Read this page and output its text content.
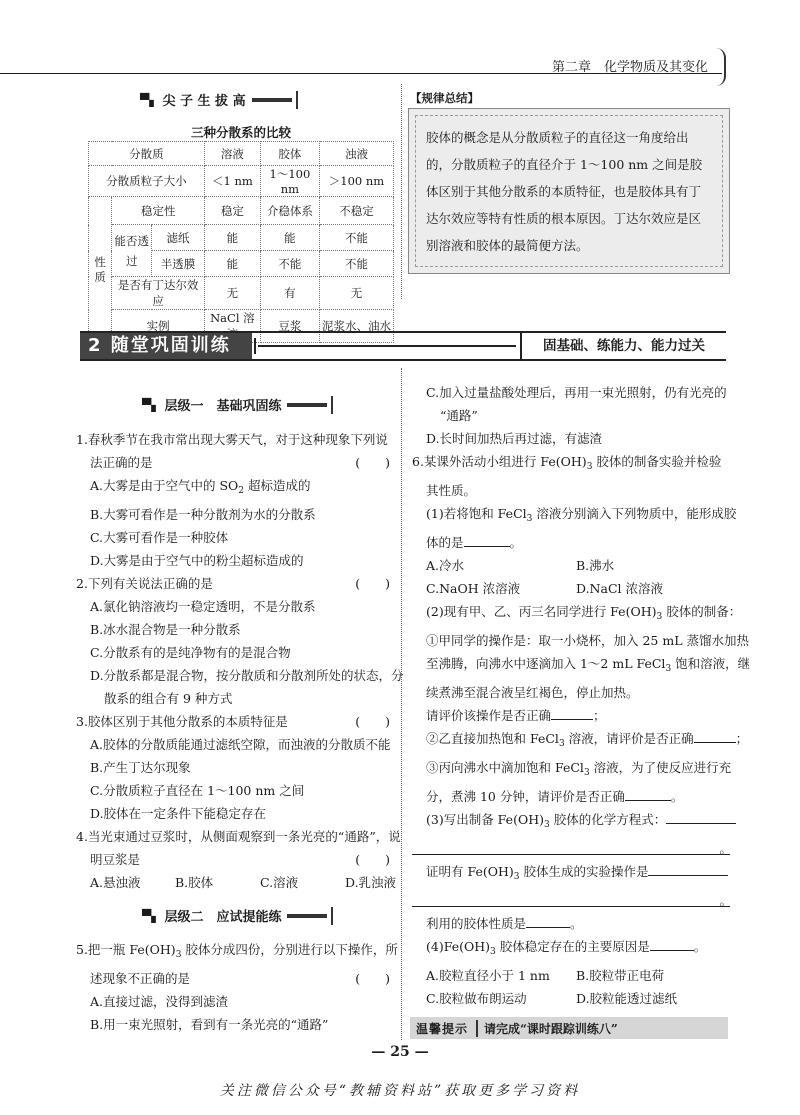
第二章　化学物质及其变化
▀▖ 尖 子 生 拔 高
三种分散系的比较
分散质			溶液	胶体	浊液
分散质粒子大小			＜1 nm	1～100 nm	＞100 nm
性质	稳定性		稳定	介稳体系	不稳定
	能否透过	滤纸	能	能	不能
		半透膜	能	不能	不能
	是否有丁达尔效应		无	有	无
	实例		NaCl 溶	豆浆	泥浆水、油水
【规律总结】
胶体的概念是从分散质粒子的直径这一角度给出的，分散质粒子的直径介于 1～100 nm 之间是胶体区别于其他分散系的本质特征，也是胶体具有丁达尔效应等特有性质的根本原因。丁达尔效应是区别溶液和胶体的最简便方法。
2 随堂巩固训练	固基础、练能力、能力过关
▀▖ 层级一　基础巩固练
1.春秋季节在我市常出现大雾天气，对于这种现象下列说
法正确的是	(　　)
A.大雾是由于空气中的 $SO_2$ 超标造成的
B.大雾可看作是一种分散剂为水的分散系
C.大雾可看作是一种胶体
D.大雾是由于空气中的粉尘超标造成的
2.下列有关说法正确的是	(　　)
A.氯化钠溶液均一稳定透明，不是分散系
B.冰水混合物是一种分散系
C.分散系有的是纯净物有的是混合物
D.分散系都是混合物，按分散质和分散剂所处的状态，分
散系的组合有 9 种方式
3.胶体区别于其他分散系的本质特征是	(　　)
A.胶体的分散质能通过滤纸空隙，而浊液的分散质不能
B.产生丁达尔现象
C.分散质粒子直径在 1～100 nm 之间
D.胶体在一定条件下能稳定存在
4.当光束通过豆浆时，从侧面观察到一条光亮的“通路”，说
明豆浆是	(　　)
A.悬浊液	B.胶体	C.溶液	D.乳浊液
▀▖ 层级二　应试提能练
5.把一瓶 $Fe(OH)_3$ 胶体分成四份，分别进行以下操作，所
述现象不正确的是	(　　)
A.直接过滤，没得到滤渣
B.用一束光照射，看到有一条光亮的“通路”
C.加入过量盐酸处理后，再用一束光照射，仍有光亮的
“通路”
D.长时间加热后再过滤，有滤渣
6.某课外活动小组进行 $Fe(OH)_3$ 胶体的制备实验并检验
其性质。
(1)若将饱和 FeCl$_3$ 溶液分别滴入下列物质中，能形成胶
体的是	。
A.冷水	B.沸水
C.NaOH 浓溶液	D.NaCl 浓溶液
(2)现有甲、乙、丙三名同学进行 $Fe(OH)_3$ 胶体的制备：
①甲同学的操作是：取一小烧杯，加入 25 mL 蒸馏水加热
至沸腾，向沸水中逐滴加入 1～2 mL FeCl$_3$ 饱和溶液，继
续煮沸至混合液呈红褐色，停止加热。
请评价该操作是否正确	；
②乙直接加热饱和 FeCl$_3$ 溶液，请评价是否正确	；
③丙向沸水中滴加饱和 FeCl$_3$ 溶液，为了使反应进行充
分，煮沸 10 分钟，请评价是否正确	。
(3)写出制备 $Fe(OH)_3$ 胶体的化学方程式：
。
证明有 $Fe(OH)_3$ 胶体生成的实验操作是
。
利用的胶体性质是	。
$(4)Fe(OH)_3$ 胶体稳定存在的主要原因是	。
A.胶粒直径小于 1 nm B.胶粒带正电荷
C.胶粒做布朗运动	D.胶粒能透过滤纸
温馨提示	请完成“课时跟踪训练八”
— 25 —
关注微信公众号“教辅资料站”获取更多学习资料
